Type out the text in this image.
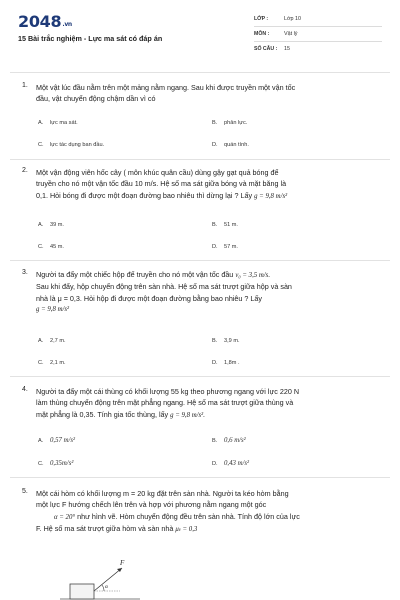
2048.vn
15 Bài trắc nghiệm - Lực ma sát có đáp án
LỚP :	Lớp 10
MÔN :	Vật lý
SỐ CÂU : 15
1. Một vật lúc đầu nằm trên một mảng nằm ngang. Sau khi được truyền một vận tốc
đầu, vật chuyển động chậm dần vì có
A. lực ma sát.	B. phản lực.
C. lực tác dụng ban đầu.	D. quán tính.
2. Một vận động viên hốc cây ( môn khúc quân cầu) dùng gậy gạt quả bóng để
truyền cho nó một vận tốc đầu 10 m/s. Hệ số ma sát giữa bóng và mặt băng là
0,1. Hỏi bóng đi được một đoạn đường bao nhiêu thì dừng lại ? Lấy g = 9,8 m/s²
A. 39 m.	B. 51 m.
C. 45 m.	D. 57 m.
3. Người ta đẩy một chiếc hộp để truyền cho nó một vận tốc đầu v₀ = 3,5 m/s.
Sau khi đẩy, hộp chuyển động trên sàn nhà. Hệ số ma sát trượt giữa hộp và sàn
nhà là μ = 0,3. Hỏi hộp đi được một đoạn đường bằng bao nhiêu ? Lấy
g = 9,8 m/s²
A. 2,7 m.	B. 3,9 m.
C. 2,1 m.	D. 1,8m .
4. Người ta đẩy một cái thùng có khối lượng 55 kg theo phương ngang với lực 220 N
làm thùng chuyển động trên mặt phẳng ngang. Hệ số ma sát trượt giữa thùng và
mặt phẳng là 0,35. Tính gia tốc thùng, lấy g = 9,8 m/s².
A. 0,57 m/s²	B. 0,6 m/s²
C. 0,35m/s²	D. 0,43 m/s²
5. Một cái hòm có khối lượng m = 20 kg đặt trên sàn nhà. Người ta kéo hòm bằng
một lực F hướng chếch lên trên và hợp với phương nằm ngang một góc
α = 20° như hình vẽ. Hòm chuyển động đều trên sàn nhà. Tính độ lớn của lực
F. Hệ số ma sát trượt giữa hòm và sàn nhà μₜ = 0,3
F
α
